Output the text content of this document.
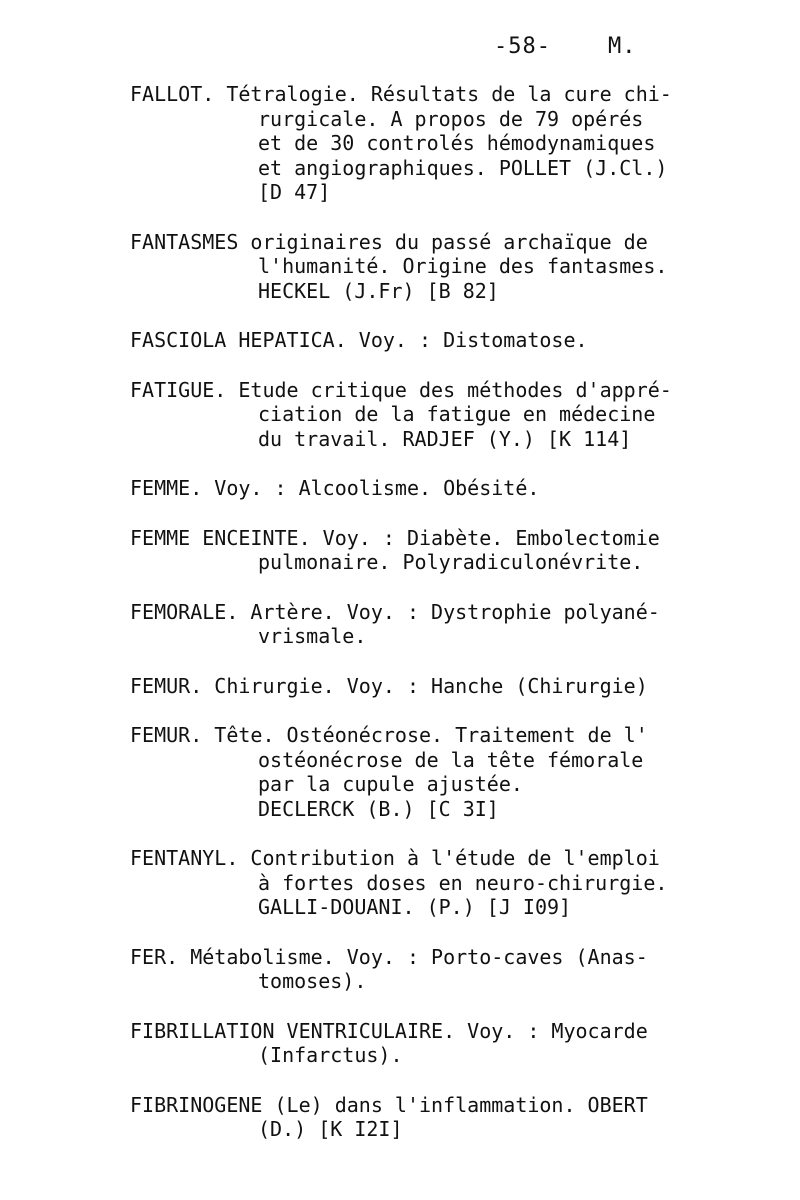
-58-	M.
FALLOT. Tétralogie. Résultats de la cure chi-
rurgicale. A propos de 79 opérés
et de 30 controlés hémodynamiques
et angiographiques. POLLET (J.Cl.)
[D 47]
FANTASMES originaires du passé archaïque de
l'humanité. Origine des fantasmes.
HECKEL (J.Fr) [B 82]
FASCIOLA HEPATICA. Voy. : Distomatose.
FATIGUE. Etude critique des méthodes d'appré-
ciation de la fatigue en médecine
du travail. RADJEF (Y.) [K 114]
FEMME. Voy. : Alcoolisme. Obésité.
FEMME ENCEINTE. Voy. : Diabète. Embolectomie
pulmonaire. Polyradiculonévrite.
FEMORALE. Artère. Voy. : Dystrophie polyané-
vrismale.
FEMUR. Chirurgie. Voy. : Hanche (Chirurgie)
FEMUR. Tête. Ostéonécrose. Traitement de l'
ostéonécrose de la tête fémorale
par la cupule ajustée.
DECLERCK (B.) [C 3I]
FENTANYL. Contribution à l'étude de l'emploi
à fortes doses en neuro-chirurgie.
GALLI-DOUANI. (P.) [J I09]
FER. Métabolisme. Voy. : Porto-caves (Anas-
tomoses).
FIBRILLATION VENTRICULAIRE. Voy. : Myocarde
(Infarctus).
FIBRINOGENE (Le) dans l'inflammation. OBERT
(D.) [K I2I]
